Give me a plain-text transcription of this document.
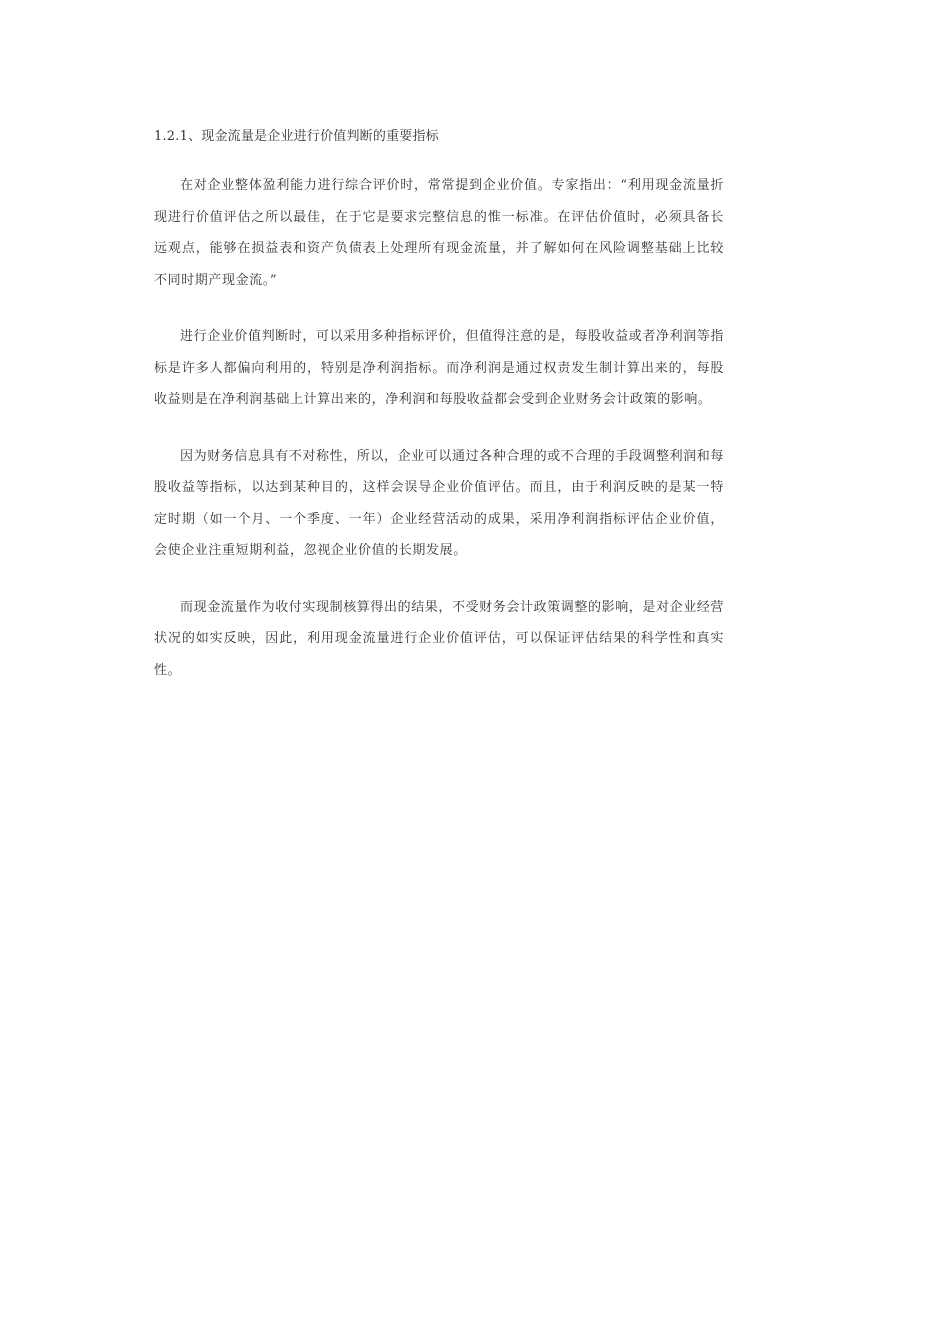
1.2.1、现金流量是企业进行价值判断的重要指标

在对企业整体盈利能力进行综合评价时，常常提到企业价值。专家指出：“利用现金流量折现进行价值评估之所以最佳，在于它是要求完整信息的惟一标准。在评估价值时，必须具备长远观点，能够在损益表和资产负债表上处理所有现金流量，并了解如何在风险调整基础上比较不同时期产现金流。”

进行企业价值判断时，可以采用多种指标评价，但值得注意的是，每股收益或者净利润等指标是许多人都偏向利用的，特别是净利润指标。而净利润是通过权责发生制计算出来的，每股收益则是在净利润基础上计算出来的，净利润和每股收益都会受到企业财务会计政策的影响。

因为财务信息具有不对称性，所以，企业可以通过各种合理的或不合理的手段调整利润和每股收益等指标，以达到某种目的，这样会误导企业价值评估。而且，由于利润反映的是某一特定时期（如一个月、一个季度、一年）企业经营活动的成果，采用净利润指标评估企业价值，会使企业注重短期利益，忽视企业价值的长期发展。

而现金流量作为收付实现制核算得出的结果，不受财务会计政策调整的影响，是对企业经营状况的如实反映，因此，利用现金流量进行企业价值评估，可以保证评估结果的科学性和真实性。
